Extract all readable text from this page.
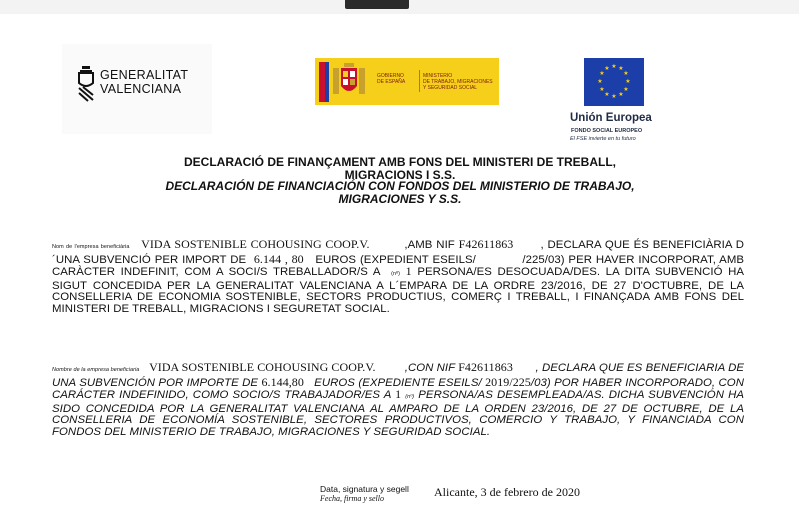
GENERALITAT
VALENCIANA
GOBIERNO
DE ESPAÑA
MINISTERIO
DE TRABAJO, MIGRACIONES
Y SEGURIDAD SOCIAL
★ ★
★
★
★
★
★
★
★
★
★
★
Unión Europea
FONDO SOCIAL EUROPEO
El FSE invierte en tu futuro
DECLARACIÓ DE FINANÇAMENT AMB FONS DEL MINISTERI DE TREBALL,
MIGRACIONS I S.S.
DECLARACIÓN DE FINANCIACIÓN CON FONDOS DEL MINISTERIO DE TRABAJO,
MIGRACIONES Y S.S.
Nom de l'empresa beneficiària VIDA SOSTENIBLE COHOUSING COOP.V.	,AMB NIF F42611863 , DECLARA QUE ÉS BENEFICIÀRIA D´UNA SUBVENCIÓ PER IMPORT DE 6.144 , 80 EUROS (EXPEDIENT ESEILS/	/225/03) PER HAVER INCORPORAT, AMB CARÀCTER INDEFINIT, COM A SOCI/S TREBALLADOR/S A (nº) 1 PERSONA/ES DESOCUADA/DES. LA DITA SUBVENCIÓ HA SIGUT CONCEDIDA PER LA GENERALITAT VALENCIANA A L´EMPARA DE LA ORDRE 23/2016, DE 27 D'OCTUBRE, DE LA CONSELLERIA DE ECONOMIA SOSTENIBLE, SECTORS PRODUCTIUS, COMERÇ I TREBALL, I FINANÇADA AMB FONS DEL MINISTERI DE TREBALL, MIGRACIONS I SEGURETAT SOCIAL.
Nombre de la empresa beneficiaria VIDA SOSTENIBLE COHOUSING COOP.V.	,CON NIF F42611863 , DECLARA QUE ES BENEFICIARIA DE UNA SUBVENCIÓN POR IMPORTE DE 6.144,80 EUROS (EXPEDIENTE ESEILS/ 2019/225/03) POR HABER INCORPORADO, CON CARÁCTER INDEFINIDO, COMO SOCIO/S TRABAJADOR/ES A 1 (nº) PERSONA/AS DESEMPLEADA/AS. DICHA SUBVENCIÓN HA SIDO CONCEDIDA POR LA GENERALITAT VALENCIANA AL AMPARO DE LA ORDEN 23/2016, DE 27 DE OCTUBRE, DE LA CONSELLERIA DE ECONOMÍA SOSTENIBLE, SECTORES PRODUCTIVOS, COMERCIO Y TRABAJO, Y FINANCIADA CON FONDOS DEL MINISTERIO DE TRABAJO, MIGRACIONES Y SEGURIDAD SOCIAL.
Data, signatura y segell
Fecha, firma y sello	Alicante, 3 de febrero de 2020
